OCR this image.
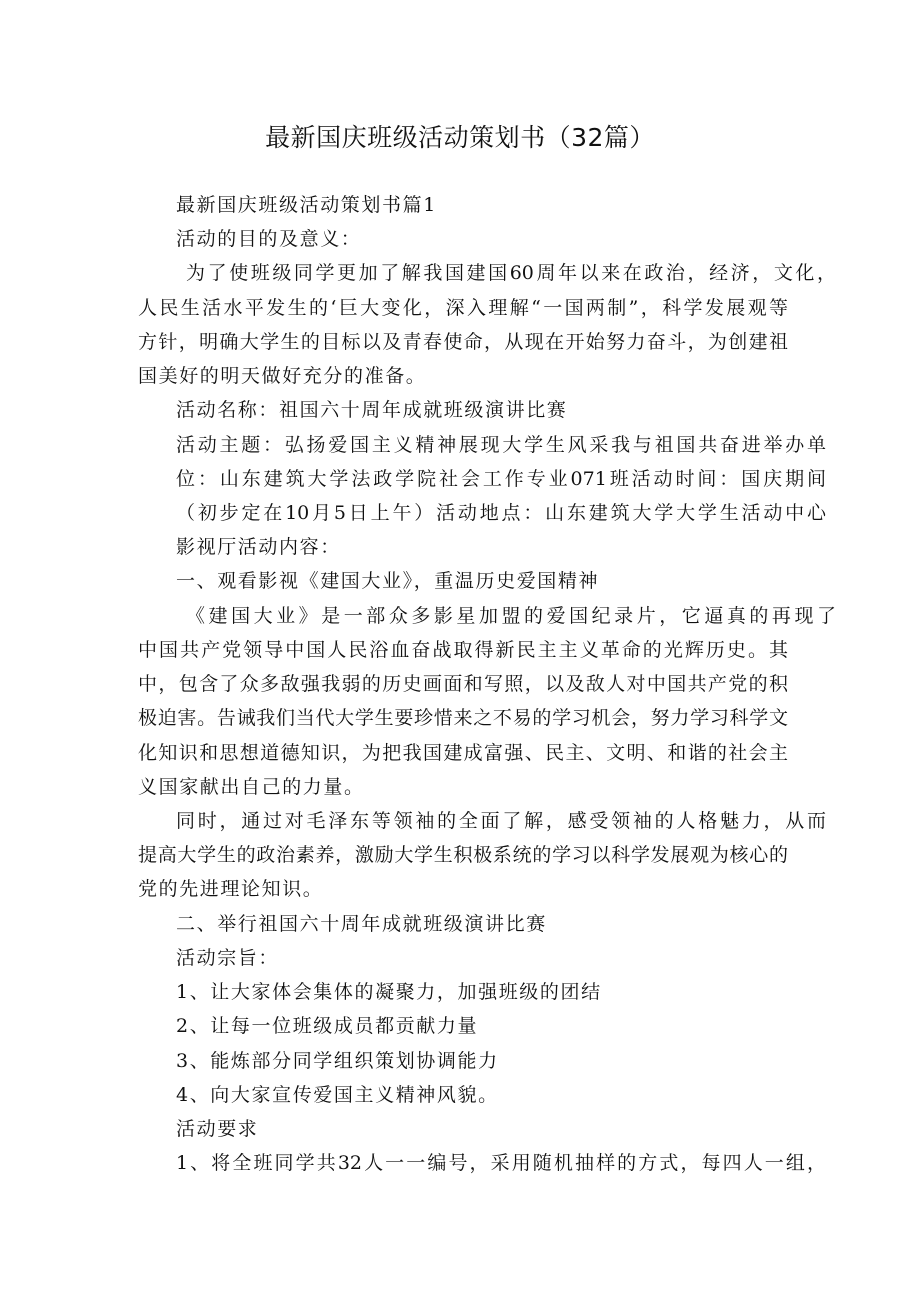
最新国庆班级活动策划书（32篇）
最新国庆班级活动策划书篇1
活动的目的及意义：
为了使班级同学更加了解我国建国60周年以来在政治，经济，文化，
人民生活水平发生的‘巨大变化，深入理解“一国两制”，科学发展观等
方针，明确大学生的目标以及青春使命，从现在开始努力奋斗，为创建祖
国美好的明天做好充分的准备。
活动名称：祖国六十周年成就班级演讲比赛
活动主题：弘扬爱国主义精神展现大学生风采我与祖国共奋进举办单
位：山东建筑大学法政学院社会工作专业071班活动时间：国庆期间
（初步定在10月5日上午）活动地点：山东建筑大学大学生活动中心
影视厅活动内容：
一、观看影视《建国大业》，重温历史爱国精神
《建国大业》是一部众多影星加盟的爱国纪录片，它逼真的再现了
中国共产党领导中国人民浴血奋战取得新民主主义革命的光辉历史。其
中，包含了众多敌强我弱的历史画面和写照，以及敌人对中国共产党的积
极迫害。告诫我们当代大学生要珍惜来之不易的学习机会，努力学习科学文
化知识和思想道德知识，为把我国建成富强、民主、文明、和谐的社会主
义国家献出自己的力量。
同时，通过对毛泽东等领袖的全面了解，感受领袖的人格魅力，从而
提高大学生的政治素养，激励大学生积极系统的学习以科学发展观为核心的
党的先进理论知识。
二、举行祖国六十周年成就班级演讲比赛
活动宗旨：
1、让大家体会集体的凝聚力，加强班级的团结
2、让每一位班级成员都贡献力量
3、能炼部分同学组织策划协调能力
4、向大家宣传爱国主义精神风貌。
活动要求
1、将全班同学共32人一一编号，采用随机抽样的方式，每四人一组，
